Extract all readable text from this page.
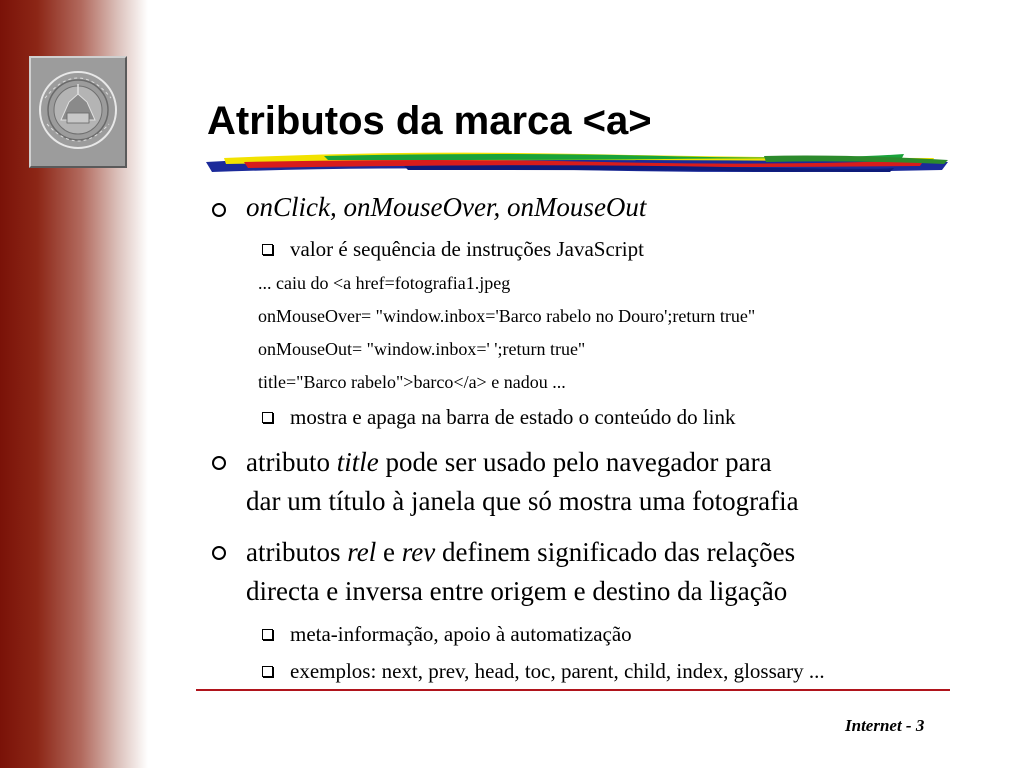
Atributos da marca <a>
onClick, onMouseOver, onMouseOut
valor é sequência de instruções JavaScript
... caiu do <a href=fotografia1.jpeg
onMouseOver= "window.inbox='Barco rabelo no Douro';return true"
onMouseOut= "window.inbox=' ';return true"
title="Barco rabelo">barco</a> e nadou ...
mostra e apaga na barra de estado o conteúdo do link
atributo title pode ser usado pelo navegador para
dar um título à janela que só mostra uma fotografia
atributos rel e rev definem significado das relações
directa e inversa entre origem e destino da ligação
meta-informação, apoio à automatização
exemplos: next, prev, head, toc, parent, child, index, glossary ...
Internet - 3
